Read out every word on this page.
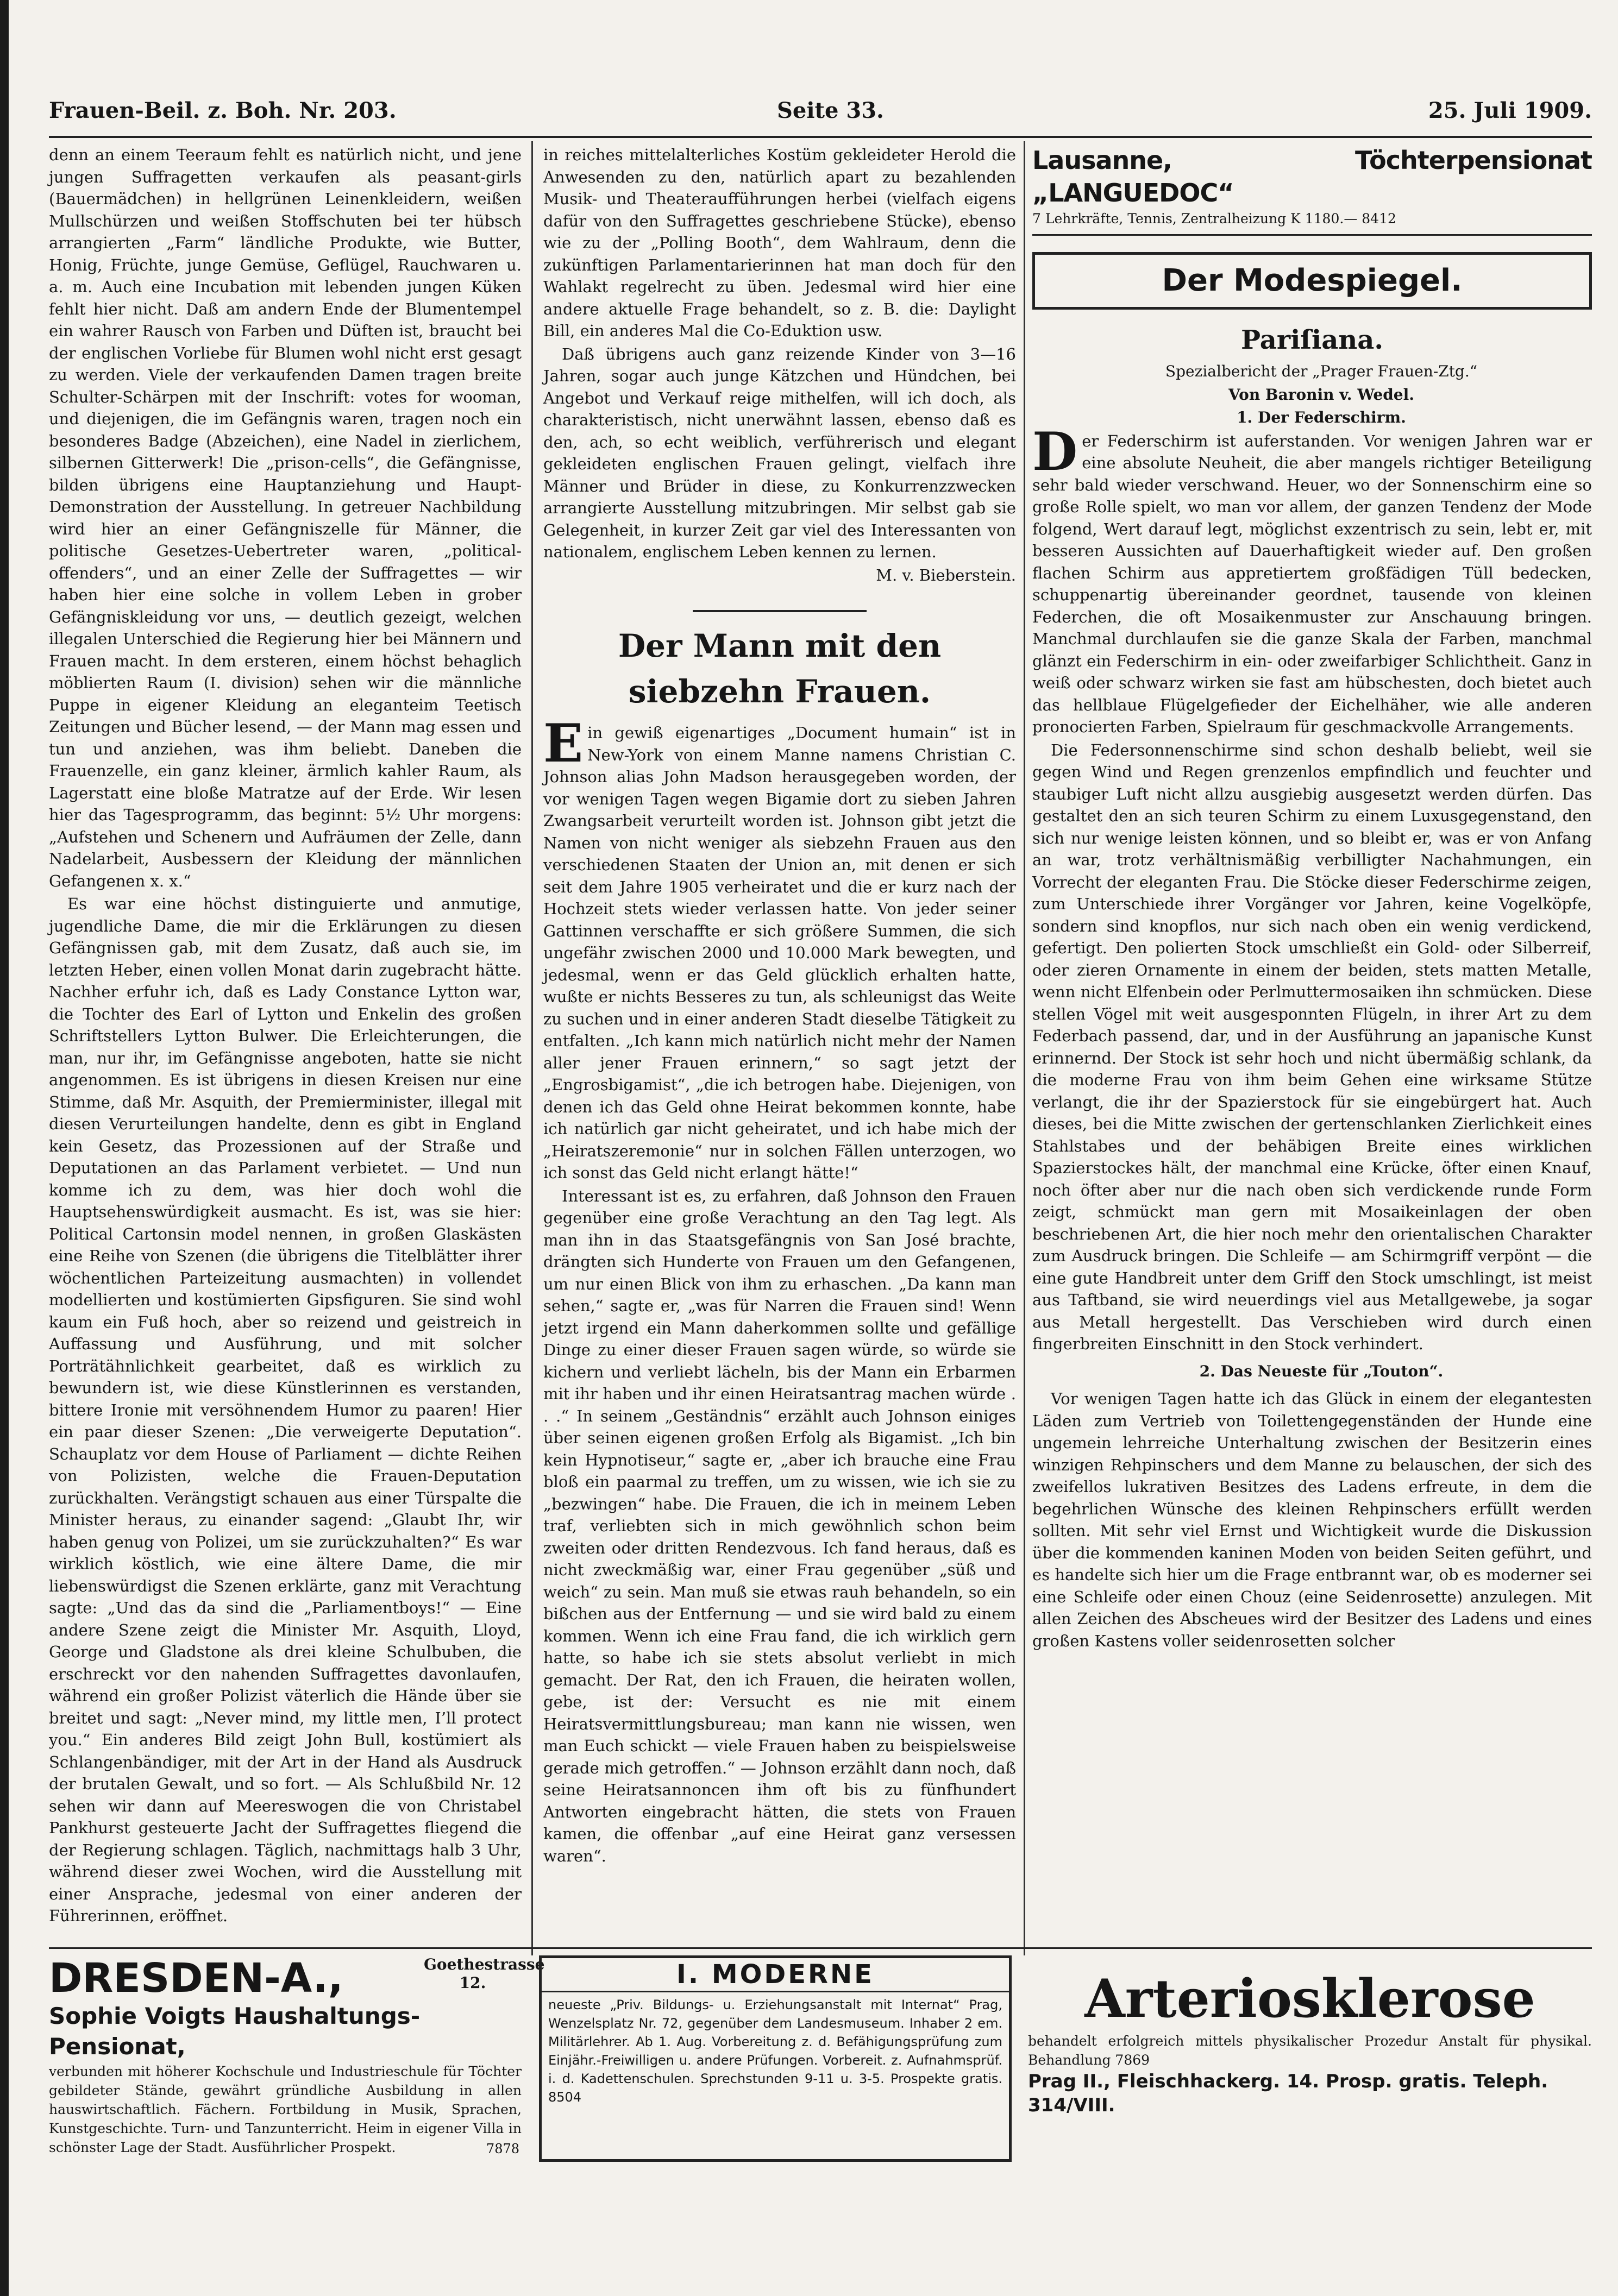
Frauen-Beil. z. Boh. Nr. 203.	Seite 33.	25. Juli 1909.

denn an einem Teeraum fehlt es natürlich nicht, und jene jungen Suffragetten verkaufen als peasant-girls (Bauermädchen) in hellgrünen Leinenkleidern, weißen Mullschürzen und weißen Stoffschuten bei ter hübsch arrangierten „Farm“ ländliche Produkte, wie Butter, Honig, Früchte, junge Gemüse, Geflügel, Rauchwaren u. a. m. Auch eine Incubation mit lebenden jungen Küken fehlt hier nicht. Daß am andern Ende der Blumentempel ein wahrer Rausch von Farben und Düften ist, braucht bei der englischen Vorliebe für Blumen wohl nicht erst gesagt zu werden. Viele der verkaufenden Damen tragen breite Schulter-Schärpen mit der Inschrift: votes for wooman, und diejenigen, die im Gefängnis waren, tragen noch ein besonderes Badge (Abzeichen), eine Nadel in zierlichem, silbernen Gitterwerk! Die „prison-cells“, die Gefängnisse, bilden übrigens eine Hauptanziehung und Haupt-Demonstration der Ausstellung. In getreuer Nachbildung wird hier an einer Gefängniszelle für Männer, die politische Gesetzes-Uebertreter waren, „political-offenders“, und an einer Zelle der Suffragettes — wir haben hier eine solche in vollem Leben in grober Gefängniskleidung vor uns, — deutlich gezeigt, welchen illegalen Unterschied die Regierung hier bei Männern und Frauen macht. In dem ersteren, einem höchst behaglich möblierten Raum (I. division) sehen wir die männliche Puppe in eigener Kleidung an eleganteim Teetisch Zeitungen und Bücher lesend, — der Mann mag essen und tun und anziehen, was ihm beliebt. Daneben die Frauenzelle, ein ganz kleiner, ärmlich kahler Raum, als Lagerstatt eine bloße Matratze auf der Erde. Wir lesen hier das Tagesprogramm, das beginnt: 5½ Uhr morgens: „Aufstehen und Schenern und Aufräumen der Zelle, dann Nadelarbeit, Ausbessern der Kleidung der männlichen Gefangenen x. x.“

Es war eine höchst distinguierte und anmutige, jugendliche Dame, die mir die Erklärungen zu diesen Gefängnissen gab, mit dem Zusatz, daß auch sie, im letzten Heber, einen vollen Monat darin zugebracht hätte. Nachher erfuhr ich, daß es Lady Constance Lytton war, die Tochter des Earl of Lytton und Enkelin des großen Schriftstellers Lytton Bulwer. Die Erleichterungen, die man, nur ihr, im Gefängnisse angeboten, hatte sie nicht angenommen. Es ist übrigens in diesen Kreisen nur eine Stimme, daß Mr. Asquith, der Premierminister, illegal mit diesen Verurteilungen handelte, denn es gibt in England kein Gesetz, das Prozessionen auf der Straße und Deputationen an das Parlament verbietet. — Und nun komme ich zu dem, was hier doch wohl die Hauptsehenswürdigkeit ausmacht. Es ist, was sie hier: Political Cartonsin model nennen, in großen Glaskästen eine Reihe von Szenen (die übrigens die Titelblätter ihrer wöchentlichen Parteizeitung ausmachten) in vollendet modellierten und kostümierten Gipsfiguren. Sie sind wohl kaum ein Fuß hoch, aber so reizend und geistreich in Auffassung und Ausführung, und mit solcher Porträtähnlichkeit gearbeitet, daß es wirklich zu bewundern ist, wie diese Künstlerinnen es verstanden, bittere Ironie mit versöhnendem Humor zu paaren! Hier ein paar dieser Szenen: „Die verweigerte Deputation“. Schauplatz vor dem House of Parliament — dichte Reihen von Polizisten, welche die Frauen-Deputation zurückhalten. Verängstigt schauen aus einer Türspalte die Minister heraus, zu einander sagend: „Glaubt Ihr, wir haben genug von Polizei, um sie zurückzuhalten?“ Es war wirklich köstlich, wie eine ältere Dame, die mir liebenswürdigst die Szenen erklärte, ganz mit Verachtung sagte: „Und das da sind die „Parliamentboys!“ — Eine andere Szene zeigt die Minister Mr. Asquith, Lloyd, George und Gladstone als drei kleine Schulbuben, die erschreckt vor den nahenden Suffragettes davonlaufen, während ein großer Polizist väterlich die Hände über sie breitet und sagt: „Never mind, my little men, I’ll protect you.“ Ein anderes Bild zeigt John Bull, kostümiert als Schlangenbändiger, mit der Art in der Hand als Ausdruck der brutalen Gewalt, und so fort. — Als Schlußbild Nr. 12 sehen wir dann auf Meereswogen die von Christabel Pankhurst gesteuerte Jacht der Suffragettes fliegend die der Regierung schlagen. Täglich, nachmittags halb 3 Uhr, während dieser zwei Wochen, wird die Ausstellung mit einer Ansprache, jedesmal von einer anderen der Führerinnen, eröffnet.

in reiches mittelalterliches Kostüm gekleideter Herold die Anwesenden zu den, natürlich apart zu bezahlenden Musik- und Theateraufführungen herbei (vielfach eigens dafür von den Suffragettes geschriebene Stücke), ebenso wie zu der „Polling Booth“, dem Wahlraum, denn die zukünftigen Parlamentarierinnen hat man doch für den Wahlakt regelrecht zu üben. Jedesmal wird hier eine andere aktuelle Frage behandelt, so z. B. die: Daylight Bill, ein anderes Mal die Co-Eduktion usw.

Daß übrigens auch ganz reizende Kinder von 3—16 Jahren, sogar auch junge Kätzchen und Hündchen, bei Angebot und Verkauf reige mithelfen, will ich doch, als charakteristisch, nicht unerwähnt lassen, ebenso daß es den, ach, so echt weiblich, verführerisch und elegant gekleideten englischen Frauen gelingt, vielfach ihre Männer und Brüder in diese, zu Konkurrenzzwecken arrangierte Ausstellung mitzubringen. Mir selbst gab sie Gelegenheit, in kurzer Zeit gar viel des Interessanten von nationalem, englischem Leben kennen zu lernen.

M. v. Bieberstein.

Der Mann mit den siebzehn Frauen.

Ein gewiß eigenartiges „Document humain“ ist in New-York von einem Manne namens Christian C. Johnson alias John Madson herausgegeben worden, der vor wenigen Tagen wegen Bigamie dort zu sieben Jahren Zwangsarbeit verurteilt worden ist. Johnson gibt jetzt die Namen von nicht weniger als siebzehn Frauen aus den verschiedenen Staaten der Union an, mit denen er sich seit dem Jahre 1905 verheiratet und die er kurz nach der Hochzeit stets wieder verlassen hatte. Von jeder seiner Gattinnen verschaffte er sich größere Summen, die sich ungefähr zwischen 2000 und 10.000 Mark bewegten, und jedesmal, wenn er das Geld glücklich erhalten hatte, wußte er nichts Besseres zu tun, als schleunigst das Weite zu suchen und in einer anderen Stadt dieselbe Tätigkeit zu entfalten. „Ich kann mich natürlich nicht mehr der Namen aller jener Frauen erinnern,“ so sagt jetzt der „Engrosbigamist“, „die ich betrogen habe. Diejenigen, von denen ich das Geld ohne Heirat bekommen konnte, habe ich natürlich gar nicht geheiratet, und ich habe mich der „Heiratszeremonie“ nur in solchen Fällen unterzogen, wo ich sonst das Geld nicht erlangt hätte!“

Interessant ist es, zu erfahren, daß Johnson den Frauen gegenüber eine große Verachtung an den Tag legt. Als man ihn in das Staatsgefängnis von San José brachte, drängten sich Hunderte von Frauen um den Gefangenen, um nur einen Blick von ihm zu erhaschen. „Da kann man sehen,“ sagte er, „was für Narren die Frauen sind! Wenn jetzt irgend ein Mann daherkommen sollte und gefällige Dinge zu einer dieser Frauen sagen würde, so würde sie kichern und verliebt lächeln, bis der Mann ein Erbarmen mit ihr haben und ihr einen Heiratsantrag machen würde . . .“ In seinem „Geständnis“ erzählt auch Johnson einiges über seinen eigenen großen Erfolg als Bigamist. „Ich bin kein Hypnotiseur,“ sagte er, „aber ich brauche eine Frau bloß ein paarmal zu treffen, um zu wissen, wie ich sie zu „bezwingen“ habe. Die Frauen, die ich in meinem Leben traf, verliebten sich in mich gewöhnlich schon beim zweiten oder dritten Rendezvous. Ich fand heraus, daß es nicht zweckmäßig war, einer Frau gegenüber „süß und weich“ zu sein. Man muß sie etwas rauh behandeln, so ein bißchen aus der Entfernung — und sie wird bald zu einem kommen. Wenn ich eine Frau fand, die ich wirklich gern hatte, so habe ich sie stets absolut verliebt in mich gemacht. Der Rat, den ich Frauen, die heiraten wollen, gebe, ist der: Versucht es nie mit einem Heiratsvermittlungsbureau; man kann nie wissen, wen man Euch schickt — viele Frauen haben zu beispielsweise gerade mich getroffen.“ — Johnson erzählt dann noch, daß seine Heiratsannoncen ihm oft bis zu fünfhundert Antworten eingebracht hätten, die stets von Frauen kamen, die offenbar „auf eine Heirat ganz versessen waren“.

Lausanne, Töchterpensionat „LANGUEDOC“
7 Lehrkräfte, Tennis, Zentralheizung K 1180.— 8412
Der Modespiegel.
Pariſiana.

Spezialbericht der „Prager Frauen-Ztg.“

Von Baronin v. Wedel.

1. Der Federschirm.

Der Federschirm ist auferstanden. Vor wenigen Jahren war er eine absolute Neuheit, die aber mangels richtiger Beteiligung sehr bald wieder verschwand. Heuer, wo der Sonnenschirm eine so große Rolle spielt, wo man vor allem, der ganzen Tendenz der Mode folgend, Wert darauf legt, möglichst exzentrisch zu sein, lebt er, mit besseren Aussichten auf Dauerhaftigkeit wieder auf. Den großen flachen Schirm aus appretiertem großfädigen Tüll bedecken, schuppenartig übereinander geordnet, tausende von kleinen Federchen, die oft Mosaikenmuster zur Anschauung bringen. Manchmal durchlaufen sie die ganze Skala der Farben, manchmal glänzt ein Federschirm in ein- oder zweifarbiger Schlichtheit. Ganz in weiß oder schwarz wirken sie fast am hübschesten, doch bietet auch das hellblaue Flügelgefieder der Eichelhäher, wie alle anderen pronocierten Farben, Spielraum für geschmackvolle Arrangements.

Die Federsonnenschirme sind schon deshalb beliebt, weil sie gegen Wind und Regen grenzenlos empfindlich und feuchter und staubiger Luft nicht allzu ausgiebig ausgesetzt werden dürfen. Das gestaltet den an sich teuren Schirm zu einem Luxusgegenstand, den sich nur wenige leisten können, und so bleibt er, was er von Anfang an war, trotz verhältnismäßig verbilligter Nachahmungen, ein Vorrecht der eleganten Frau. Die Stöcke dieser Federschirme zeigen, zum Unterschiede ihrer Vorgänger vor Jahren, keine Vogelköpfe, sondern sind knopflos, nur sich nach oben ein wenig verdickend, gefertigt. Den polierten Stock umschließt ein Gold- oder Silberreif, oder zieren Ornamente in einem der beiden, stets matten Metalle, wenn nicht Elfenbein oder Perlmuttermosaiken ihn schmücken. Diese stellen Vögel mit weit ausgesponnten Flügeln, in ihrer Art zu dem Federbach passend, dar, und in der Ausführung an japanische Kunst erinnernd. Der Stock ist sehr hoch und nicht übermäßig schlank, da die moderne Frau von ihm beim Gehen eine wirksame Stütze verlangt, die ihr der Spazierstock für sie eingebürgert hat. Auch dieses, bei die Mitte zwischen der gertenschlanken Zierlichkeit eines Stahlstabes und der behäbigen Breite eines wirklichen Spazierstockes hält, der manchmal eine Krücke, öfter einen Knauf, noch öfter aber nur die nach oben sich verdickende runde Form zeigt, schmückt man gern mit Mosaikeinlagen der oben beschriebenen Art, die hier noch mehr den orientalischen Charakter zum Ausdruck bringen. Die Schleife — am Schirmgriff verpönt — die eine gute Handbreit unter dem Griff den Stock umschlingt, ist meist aus Taftband, sie wird neuerdings viel aus Metallgewebe, ja sogar aus Metall hergestellt. Das Verschieben wird durch einen fingerbreiten Einschnitt in den Stock verhindert.

2. Das Neueste für „Touton“.

Vor wenigen Tagen hatte ich das Glück in einem der elegantesten Läden zum Vertrieb von Toilettengegenständen der Hunde eine ungemein lehrreiche Unterhaltung zwischen der Besitzerin eines winzigen Rehpinschers und dem Manne zu belauschen, der sich des zweifellos lukrativen Besitzes des Ladens erfreute, in dem die begehrlichen Wünsche des kleinen Rehpinschers erfüllt werden sollten. Mit sehr viel Ernst und Wichtigkeit wurde die Diskussion über die kommenden kaninen Moden von beiden Seiten geführt, und es handelte sich hier um die Frage entbrannt war, ob es moderner sei eine Schleife oder einen Chouz (eine Seidenrosette) anzulegen. Mit allen Zeichen des Abscheues wird der Besitzer des Ladens und eines großen Kastens voller seidenrosetten solcher

DRESDEN-A.,	Goethestrasse 12.
Sophie Voigts Haushaltungs-Pensionat,
verbunden mit höherer Kochschule und Industrieschule für Töchter gebildeter Stände, gewährt gründliche Ausbildung in allen hauswirtschaftlich. Fächern. Fortbildung in Musik, Sprachen, Kunstgeschichte. Turn- und Tanzunterricht. Heim in eigener Villa in schönster Lage der Stadt. Ausführlicher Prospekt.	7878
I. MODERNE
neueste „Priv. Bildungs- u. Erziehungsanstalt mit Internat“ Prag, Wenzelsplatz Nr. 72, gegenüber dem Landesmuseum. Inhaber 2 em. Militärlehrer. Ab 1. Aug. Vorbereitung z. d. Befähigungsprüfung zum Einjähr.-Freiwilligen u. andere Prüfungen. Vorbereit. z. Aufnahmsprüf. i. d. Kadettenschulen. Sprechstunden 9-11 u. 3-5. Prospekte gratis. 8504
Arteriosklerose
behandelt erfolgreich mittels physikalischer Prozedur Anstalt für physikal. Behandlung 7869
Prag II., Fleischhackerg. 14. Prosp. gratis. Teleph. 314/VIII.
